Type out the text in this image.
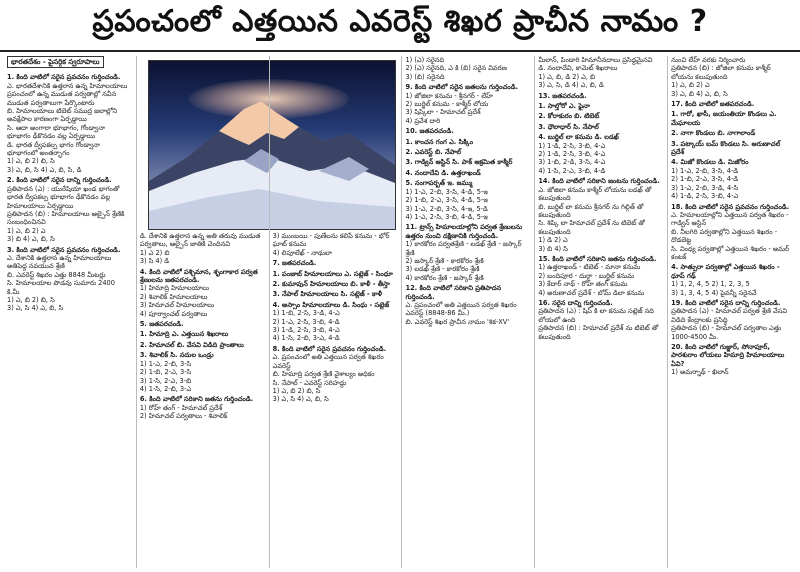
ప్రపంచంలో ఎత్తయిన ఎవరెస్ట్ శిఖర ప్రాచీన నామం ?
భారతదేశం - పైసర్గిక స్వరూపాలు
1. కింది వాటిలో సరైన ప్రవచనం గుర్తించండి.
ఎ. భారతదేశానికి ఉత్తరాన ఉన్న హిమాలయాలు ప్రపంచంలో ఉన్న ముడుత పర్వతాల్లో నవీన ముడుత పర్వతాలుగా పేర్కొంటారు
బి. హిమాలయాలు టిబెట్ సముద్ర జలాల్లోని అవక్షేపాల కారణంగా ఏర్పడ్డాయి
సి. ఆదా అంగారా భూభాగం, గోండ్వానా భూభాగం ఢీకొనడం వల్ల ఏర్పడ్డాయి
డి. భారత ద్వీపకల్ప భాగం గోండ్వానా భూభాగంలో అంతర్భాగం
1) ఎ, బి 2) బి, సి
3) ఎ, బి, సి 4) ఎ, బి, సి, డి
2. కింది వాటిలో సరైన దాన్ని గుర్తించండి.
ప్రతిపాదన (ఎ) : యురేషియా ఖండ భాగంతో భారత ద్వీపకల్ప భూభాగం ఢీకొనడం వల్ల హిమాలయాలు ఏర్పడ్డాయి
ప్రతిపాదన (బి) : హిమాలయాలు ఆల్పైన్ శ్రేణికి సంబంధించినవి
1) ఎ, బి 2) ఎ
3) బి 4) ఎ, బి, సి
3. కింది వాటిలో సరైన ప్రవచనం గుర్తించండి.
ఎ. దేశానికి ఉత్తరాన ఉన్న హిమాలయాలు అతిపెద్ద నవయువ శ్రేణి
బి. ఎవరెస్ట్ శిఖరం ఎత్తు 8848 మీటర్లు
సి. హిమాలయాల పొడవు సుమారు 2400 కి.మీ
1) ఎ, బి 2) బి, సి
3) ఎ, సి 4) ఎ, బి, సి
డి. దేశానికి ఉత్తరాన ఉన్న అతి తరువు ముడుత పర్వతాలు, ఆల్పైన్ జాతికి చెందినవి
1) ఎ 2) బి
3) సి 4) డి
4. కింది వాటిలో పశ్చిమాన, శృంగాకార పర్వత శ్రేణులను జతపరచండి.
1) హిమాద్రి హిమాలయాలు
2) శివాలిక్ హిమాలయాలు
3) హిమాచల్ హిమాలయాలు
4) పూర్వాంచల్ పర్వతాలు
5. జతపరచండి.
1. హిమాద్రి ఎ. ఎత్తయిన శిఖరాలు
2. హిమాచల్ బి. వేసవి విడిది ప్రాంతాలు
3. శివాలిక్ సి. నదుల ఒండ్రు
1) 1-ఎ, 2-బి, 3-సి
2) 1-బి, 2-ఎ, 3-సి
3) 1-సి, 2-ఎ, 3-బి
4) 1-సి, 2-బి, 3-ఎ
6. కింది వాటిలో సరికాని జతను గుర్తించండి.
1) రోహ్ తంగ్ - హిమాచల్ ప్రదేశ్
2) హిమాచల్ పర్వతాలు - శివాలిక్
3) ముంబయి - పుణేలను కలిపే కనుమ - భోర్ ఘాట్ కనుమ
4) లిపూలేఖ్ - నాథులా
7. జతపరచండి.
1. పంజాబ్ హిమాలయాలు ఎ. సట్లెజ్ - సింధూ
2. కుమావున్ హిమాలయాలు బి. కాళీ - తీస్తా
3. నేపాల్ హిమాలయాలు సి. సట్లెజ్ - కాళీ
4. అస్సాం హిమాలయాలు డి. సింధు - సట్లెజ్
1) 1-బి, 2-సి, 3-డి, 4-ఎ
2) 1-ఎ, 2-సి, 3-బి, 4-డి
3) 1-డి, 2-సి, 3-బి, 4-ఎ
4) 1-సి, 2-బి, 3-ఎ, 4-డి
8. కింది వాటిలో సరైన ప్రవచనం గుర్తించండి.
ఎ. ప్రపంచంలో అతి ఎత్తయిన పర్వత శిఖరం ఎవరెస్ట్
బి. హిమాద్రి పర్వత శ్రేణి వైశాల్యం అధికం
సి. నేపాల్ - ఎవరెస్ట్ సరిహద్దు
1) ఎ, బి 2) బి, సి
3) ఎ, సి 4) ఎ, బి, సి
1) (ఎ) సరైనది
2) (ఎ) సరైనది, ఎ కి (బి) సరైన వివరణ
3) (బి) సరైనది
9. కింది వాటిలో సరైన జతలను గుర్తించండి.
1) జోజిలా కనుమ - శ్రీనగర్ - లేహ్
2) బుర్జిల్ కనుమ - కాశ్మీర్ లోయ
3) షిప్కిలా - హిమాచల్ ప్రదేశ్
4) ప్రవేశ దారి
10. జతపరచండి.
1. కాంచన గంగ ఎ. సిక్కిం
2. ఎవరెస్ట్ బి. నేపాల్
3. గాడ్విన్ ఆస్టిన్ సి. పాక్ ఆక్రమిత కాశ్మీర్
4. నందాదేవి డి. ఉత్తరాఖండ్
5. నంగాపర్బత్ ఇ. జమ్ము
1) 1-ఎ, 2-బి, 3-సి, 4-డి, 5-ఇ
2) 1-బి, 2-ఎ, 3-సి, 4-డి, 5-ఇ
3) 1-ఎ, 2-బి, 3-సి, 4-ఇ, 5-డి
4) 1-ఎ, 2-సి, 3-బి, 4-డి, 5-ఇ
11. ట్రాన్స్ హిమాలయాల్లోని పర్వత శ్రేణులను ఉత్తరం నుంచి దక్షిణానికి గుర్తించండి.
1) కారకోరం పర్వతశ్రేణి - లడఖ్ శ్రేణి - జస్కార్ శ్రేణి
2) జస్కార్ శ్రేణి - కారకోరం శ్రేణి
3) లడఖ్ శ్రేణి - కారకోరం శ్రేణి
4) కారకోరం శ్రేణి - జస్కార్ శ్రేణి
12. కింది వాటిలో సరికాని ప్రతిపాదన గుర్తించండి.
ఎ. ప్రపంచంలో అతి ఎత్తయిన పర్వత శిఖరం ఎవరెస్ట్ (8848-86 మీ.)
బి. ఎవరెస్ట్ శిఖర ప్రాచీన నామం 'శిక-XV'
మీలాన్, పిండారి హిమానీనదాలు ప్రసిద్ధమైనవి
డి. నందాదేవి, కామెట్ శిఖరాలు
1) ఎ, బి, డి 2) ఎ, బి
3) ఎ, సి, డి 4) ఎ, బి, డి
13. జతపరచండి.
1. సాల్తోరో ఎ. ఫైనా
2. కోరాకురం బి. టిబెట్
3. ధౌలాధార్ సి. నేపాల్
4. బుర్జిల్ లా కనుమ డి. లడఖ్
1) 1-డి, 2-సి, 3-బి, 4-ఎ
2) 1-డి, 2-సి, 3-బి, 4-ఎ
3) 1-బి, 2-డి, 3-సి, 4-ఎ
4) 1-సి, 2-ఎ, 3-బి, 4-డి
14. కింది వాటిలో సరికాని జంటను గుర్తించండి.
ఎ. జోజిలా కనుమ కాశ్మీర్ లోయను లడఖ్ తో కలుపుతుంది
బి. బుర్జిల్ లా కనుమ శ్రీనగర్ ను గిల్గిత్ తో కలుపుతుంది
సి. శిప్కి లా హిమాచల్ ప్రదేశ్ ను టిబెట్ తో కలుపుతుంది
1) డి 2) ఎ
3) బి 4) సి
15. కింది వాటిలో సరికాని జతను గుర్తించండి.
1) ఉత్తరాఖండ్ - టిబెట్ - మానా కనుమ
2) బందిపూర - దుర్గా - బుర్జిల్ కనుమ
3) కేదార్ నాథ్ - రోహ్ తంగ్ కనుమ
4) అరుణాచల్ ప్రదేశ్ - బోమ్ డిలా కనుమ
16. సరైన దాన్ని గుర్తించండి.
ప్రతిపాదన (ఎ) : షిప్ కి లా కనుమ సట్లెజ్ నది లోయలో ఉంది
ప్రతిపాదన (బి) : హిమాచల్ ప్రదేశ్ ను టిబెట్ తో కలుపుతుంది
నుంచి లేహ్ వరకు నిర్మించారు
ప్రతిపాదన (బి) : జోజిలా కనుమ కాశ్మీర్ లోయను కలుపుతుంది
1) ఎ, బి 2) ఎ
3) ఎ, బి 4) ఎ, బి, సి
17. కింది వాటిలో జతపరచండి.
1. గారో, ఖాసీ, జయంతియా కొండలు ఎ. మేఘాలయ
2. నాగా కొండలు బి. నాగాలాండ్
3. పట్కాయ్ బమ్ కొండలు సి. అరుణాచల్ ప్రదేశ్
4. మిజో కొండలు డి. మిజోరం
1) 1-ఎ, 2-బి, 3-సి, 4-డి
2) 1-బి, 2-ఎ, 3-సి, 4-డి
3) 1-ఎ, 2-బి, 3-డి, 4-సి
4) 1-డి, 2-సి, 3-బి, 4-ఎ
18. కింది వాటిలో సరైన ప్రవచనం గుర్తించండి.
ఎ. హిమాలయాల్లోని ఎత్తయిన పర్వత శిఖరం - గాడ్విన్ ఆస్టిన్
బి. నీలగిరి పర్వతాల్లోని ఎత్తయిన శిఖరం - దొడబెట్ట
సి. వింధ్య పర్వతాల్లో ఎత్తయిన శిఖరం - అమర్ కంటక్
4. సాత్పురా పర్వతాల్లో ఎత్తయిన శిఖరం - ధూప్ గఢ్
1) 1, 2, 4, 5 2) 1, 2, 3, 5
3) 1, 3, 4, 5 4) పైవన్నీ సరైనవే
19. కింది వాటిలో సరైన దాన్ని గుర్తించండి.
ప్రతిపాదన (ఎ) - హిమాచల్ పర్వత శ్రేణి వేసవి విడిది కేంద్రాలకు ప్రసిద్ధి
ప్రతిపాదన (బి) - హిమాచల్ పర్వతాల ఎత్తు 1000-4500 మీ.
20. కింది వాటిలో గుజ్జార్, సోనాపూర్, పారశురాం లోయలు హిమాద్రి హిమాలయాలు ఏవి?
1) అమర్నాథ్ - ఖిలాన్
